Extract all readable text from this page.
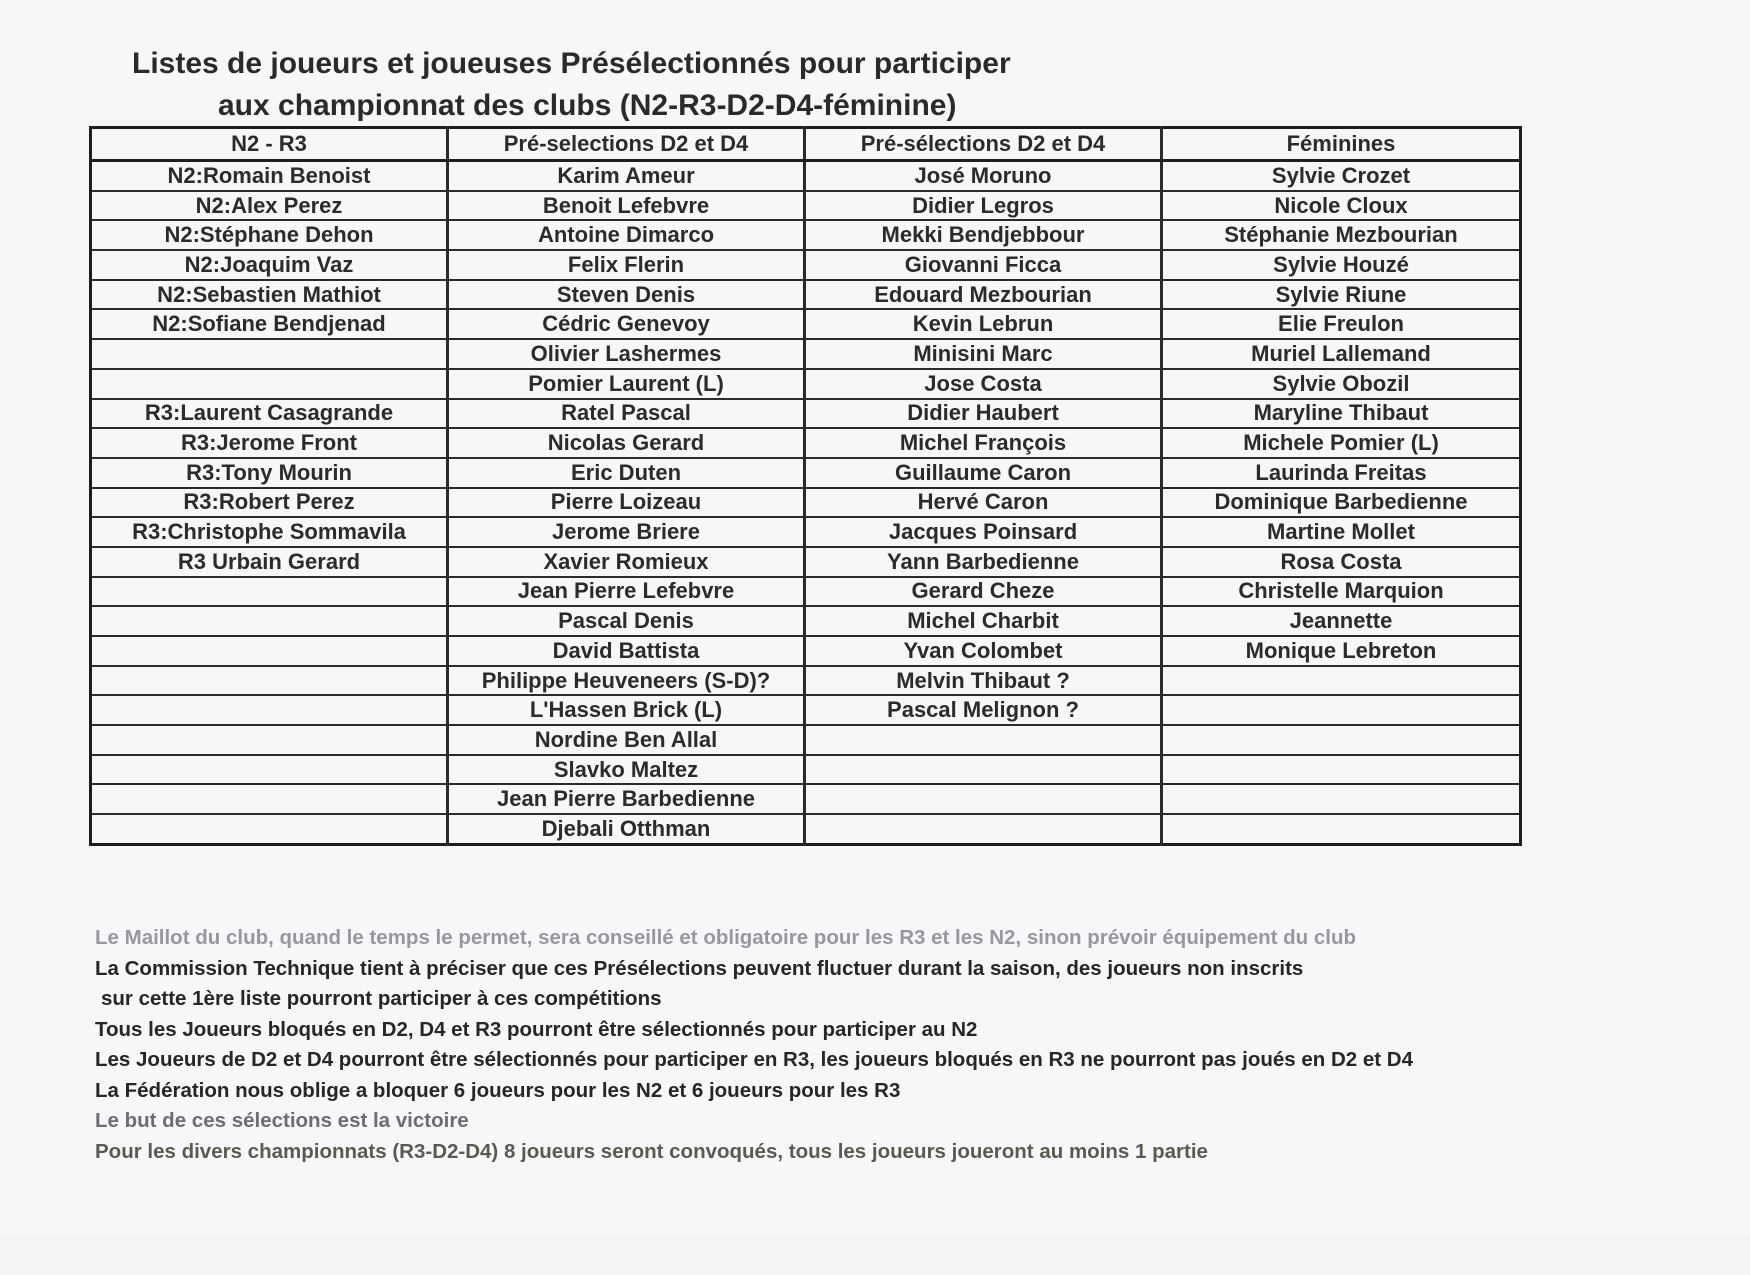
Listes de joueurs et joueuses Présélectionnés pour participer
aux championnat des clubs (N2-R3-D2-D4-féminine)
N2 - R3	Pré-selections D2 et D4	Pré-sélections D2 et D4	Féminines
N2:Romain Benoist	Karim Ameur	José Moruno	Sylvie Crozet
N2:Alex Perez	Benoit Lefebvre	Didier Legros	Nicole Cloux
N2:Stéphane Dehon	Antoine Dimarco	Mekki Bendjebbour	Stéphanie Mezbourian
N2:Joaquim Vaz	Felix Flerin	Giovanni Ficca	Sylvie Houzé
N2:Sebastien Mathiot	Steven Denis	Edouard Mezbourian	Sylvie Riune
N2:Sofiane Bendjenad	Cédric Genevoy	Kevin Lebrun	Elie Freulon
	Olivier Lashermes	Minisini Marc	Muriel Lallemand
	Pomier Laurent (L)	Jose Costa	Sylvie Obozil
R3:Laurent Casagrande	Ratel Pascal	Didier Haubert	Maryline Thibaut
R3:Jerome Front	Nicolas Gerard	Michel François	Michele Pomier (L)
R3:Tony Mourin	Eric Duten	Guillaume Caron	Laurinda Freitas
R3:Robert Perez	Pierre Loizeau	Hervé Caron	Dominique Barbedienne
R3:Christophe Sommavila	Jerome Briere	Jacques Poinsard	Martine Mollet
R3 Urbain Gerard	Xavier Romieux	Yann Barbedienne	Rosa Costa
	Jean Pierre Lefebvre	Gerard Cheze	Christelle Marquion
	Pascal Denis	Michel Charbit	Jeannette
	David Battista	Yvan Colombet	Monique Lebreton
	Philippe Heuveneers (S-D)?	Melvin Thibaut ?	
	L'Hassen Brick (L)	Pascal Melignon ?	
	Nordine Ben Allal		
	Slavko Maltez		
	Jean Pierre Barbedienne		
	Djebali Otthman		
Le Maillot du club, quand le temps le permet, sera conseillé et obligatoire pour les R3 et les N2, sinon prévoir équipement du club
La Commission Technique tient à préciser que ces Présélections peuvent fluctuer durant la saison, des joueurs non inscrits
sur cette 1ère liste pourront participer à ces compétitions
Tous les Joueurs bloqués en D2, D4 et R3 pourront être sélectionnés pour participer au N2
Les Joueurs de D2 et D4 pourront être sélectionnés pour participer en R3, les joueurs bloqués en R3 ne pourront pas joués en D2 et D4
La Fédération nous oblige a bloquer 6 joueurs pour les N2 et 6 joueurs pour les R3
Le but de ces sélections est la victoire
Pour les divers championnats (R3-D2-D4) 8 joueurs seront convoqués, tous les joueurs joueront au moins 1 partie
